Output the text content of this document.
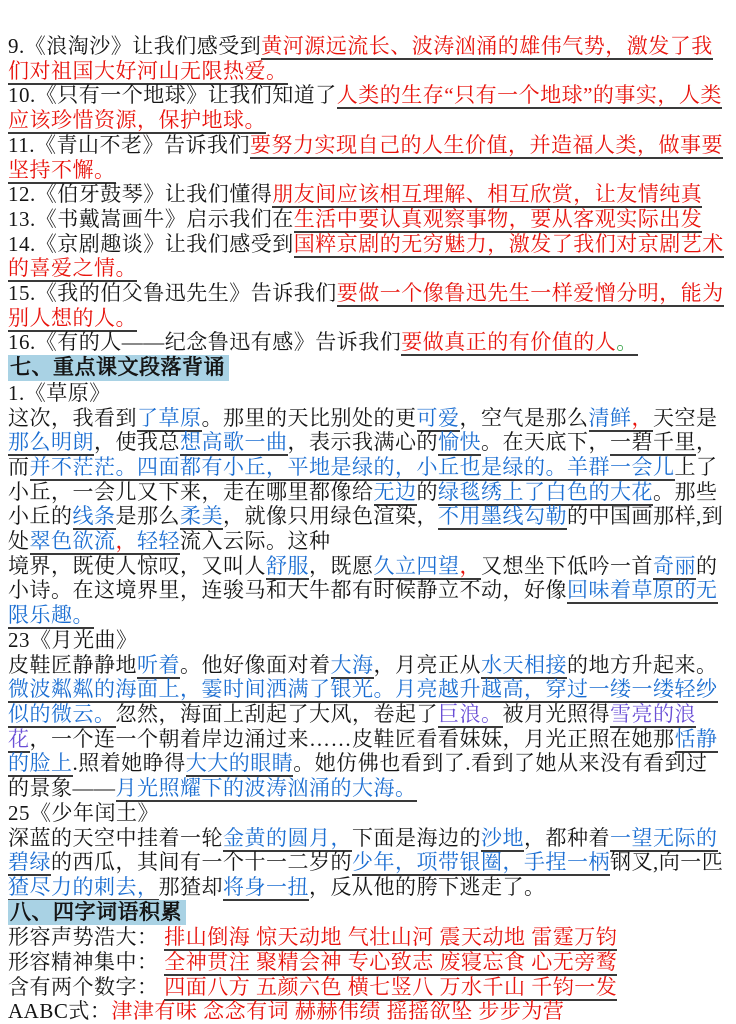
9.《浪淘沙》让我们感受到黄河源远流长、波涛汹涌的雄伟气势，激发了我们对祖国大好河山无限热爱。
10.《只有一个地球》让我们知道了人类的生存“只有一个地球”的事实，人类应该珍惜资源，保护地球。
11.《青山不老》告诉我们要努力实现自己的人生价值，并造福人类，做事要坚持不懈。
12.《伯牙鼓琴》让我们懂得朋友间应该相互理解、相互欣赏，让友情纯真
13.《书戴嵩画牛》启示我们在生活中要认真观察事物，要从客观实际出发
14.《京剧趣谈》让我们感受到国粹京剧的无穷魅力，激发了我们对京剧艺术的喜爱之情。
15.《我的伯父鲁迅先生》告诉我们要做一个像鲁迅先生一样爱憎分明，能为别人想的人。
16.《有的人——纪念鲁迅有感》告诉我们要做真正的有价值的人。
七、重点课文段落背诵
1.《草原》
这次，我看到了草原。那里的天比别处的更可爱，空气是那么清鲜，天空是那么明朗，使我总想高歌一曲，表示我满心的愉快。在天底下，一碧千里，而并不茫茫。四面都有小丘，平地是绿的，小丘也是绿的。羊群一会儿上了小丘，一会儿又下来，走在哪里都像给无边的绿毯绣上了白色的大花。那些小丘的线条是那么柔美，就像只用绿色渲染，不用墨线勾勒的中国画那样,到处翠色欲流，轻轻流入云际。这种
境界，既使人惊叹，又叫人舒服，既愿久立四望，又想坐下低吟一首奇丽的小诗。在这境界里，连骏马和大牛都有时候静立不动，好像回味着草原的无限乐趣。
23《月光曲》
皮鞋匠静静地听着。他好像面对着大海，月亮正从水天相接的地方升起来。微波粼粼的海面上，霎时间洒满了银光。月亮越升越高，穿过一缕一缕轻纱似的微云。忽然，海面上刮起了大风，卷起了巨浪。被月光照得雪亮的浪花，一个连一个朝着岸边涌过来……皮鞋匠看看妹妹，月光正照在她那恬静的脸上.照着她睁得大大的眼睛。她仿佛也看到了.看到了她从来没有看到过的景象——月光照耀下的波涛汹涌的大海。
25《少年闰土》
深蓝的天空中挂着一轮金黄的圆月，下面是海边的沙地，都种着一望无际的碧绿的西瓜，其间有一个十一二岁的少年，项带银圈，手捏一柄钢叉,向一匹猹尽力的刺去，那猹却将身一扭，反从他的胯下逃走了。
八、四字词语积累
形容声势浩大： 排山倒海 惊天动地 气壮山河 震天动地 雷霆万钧
形容精神集中： 全神贯注 聚精会神 专心致志 废寝忘食 心无旁鹜
含有两个数字： 四面八方 五颜六色 横七竖八 万水千山 千钧一发
AABC式：津津有味 念念有词 赫赫伟绩 摇摇欲坠 步步为营
